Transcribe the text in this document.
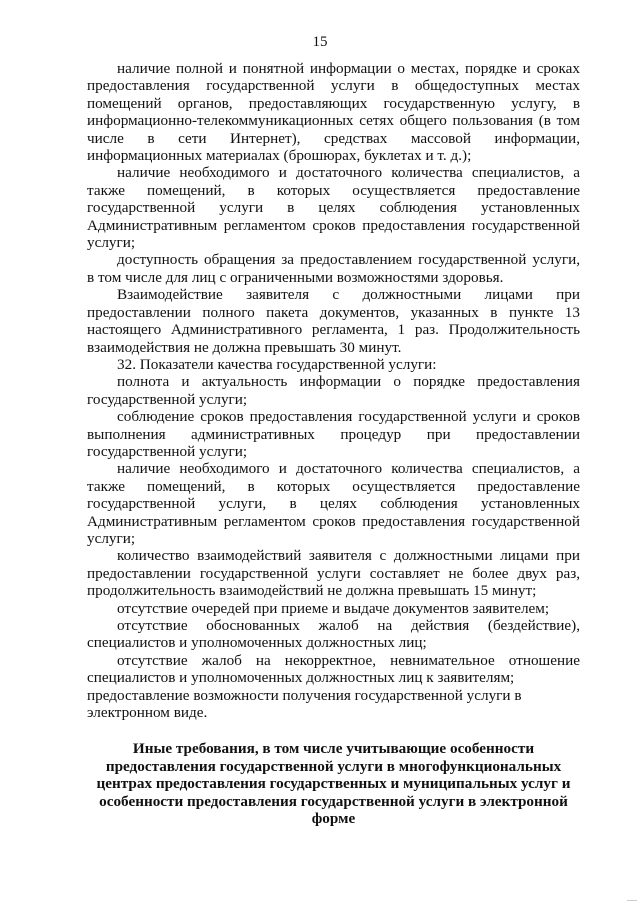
15

наличие полной и понятной информации о местах, порядке и сроках предоставления государственной услуги в общедоступных местах помещений органов, предоставляющих государственную услугу, в информационно-телекоммуникационных сетях общего пользования (в том числе в сети Интернет), средствах массовой информации, информационных материалах (брошюрах, буклетах и т. д.);

наличие необходимого и достаточного количества специалистов, а также помещений, в которых осуществляется предоставление государственной услуги в целях соблюдения установленных Административным регламентом сроков предоставления государственной услуги;

доступность обращения за предоставлением государственной услуги, в том числе для лиц с ограниченными возможностями здоровья.

Взаимодействие заявителя с должностными лицами при предоставлении полного пакета документов, указанных в пункте 13 настоящего Административного регламента, 1 раз. Продолжительность взаимодействия не должна превышать 30 минут.

32. Показатели качества государственной услуги:

полнота и актуальность информации о порядке предоставления государственной услуги;

соблюдение сроков предоставления государственной услуги и сроков выполнения административных процедур при предоставлении государственной услуги;

наличие необходимого и достаточного количества специалистов, а также помещений, в которых осуществляется предоставление государственной услуги, в целях соблюдения установленных Административным регламентом сроков предоставления государственной услуги;

количество взаимодействий заявителя с должностными лицами при предоставлении государственной услуги составляет не более двух раз, продолжительность взаимодействий не должна превышать 15 минут;

отсутствие очередей при приеме и выдаче документов заявителем;

отсутствие обоснованных жалоб на действия (бездействие), специалистов и уполномоченных должностных лиц;

отсутствие жалоб на некорректное, невнимательное отношение специалистов и уполномоченных должностных лиц к заявителям;

предоставление возможности получения государственной услуги в электронном виде.

Иные требования, в том числе учитывающие особенности предоставления государственной услуги в многофункциональных центрах предоставления государственных и муниципальных услуг и особенности предоставления государственной услуги в электронной форме
